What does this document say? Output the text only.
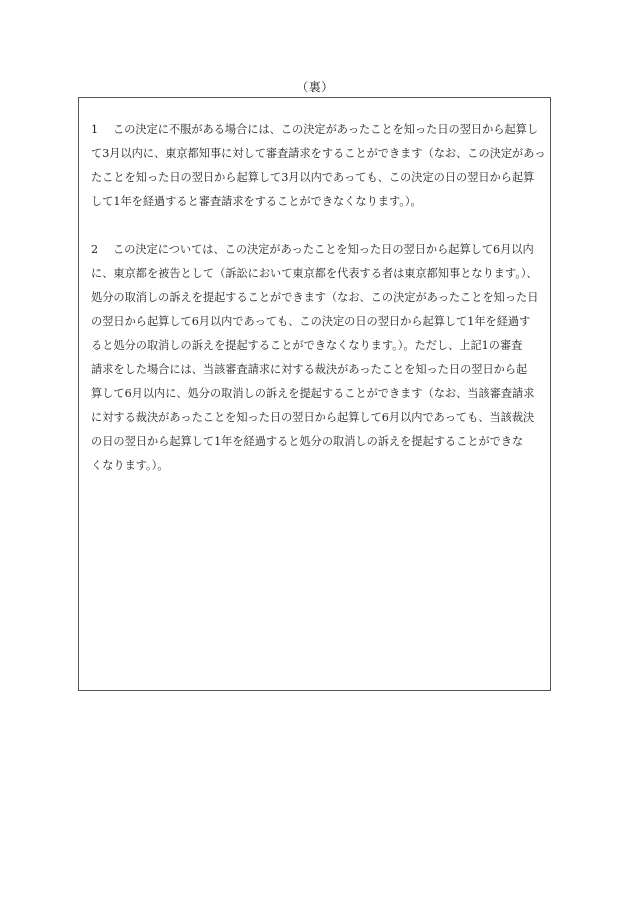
（裏）

1 この決定に不服がある場合には、この決定があったことを知った日の翌日から起算し
て3月以内に、東京都知事に対して審査請求をすることができます（なお、この決定があっ
たことを知った日の翌日から起算して3月以内であっても、この決定の日の翌日から起算
して1年を経過すると審査請求をすることができなくなります。）。

2 この決定については、この決定があったことを知った日の翌日から起算して6月以内
に、東京都を被告として（訴訟において東京都を代表する者は東京都知事となります。）、
処分の取消しの訴えを提起することができます（なお、この決定があったことを知った日
の翌日から起算して6月以内であっても、この決定の日の翌日から起算して1年を経過す
ると処分の取消しの訴えを提起することができなくなります。）。ただし、上記1の審査
請求をした場合には、当該審査請求に対する裁決があったことを知った日の翌日から起
算して6月以内に、処分の取消しの訴えを提起することができます（なお、当該審査請求
に対する裁決があったことを知った日の翌日から起算して6月以内であっても、当該裁決
の日の翌日から起算して1年を経過すると処分の取消しの訴えを提起することができな
くなります。）。
